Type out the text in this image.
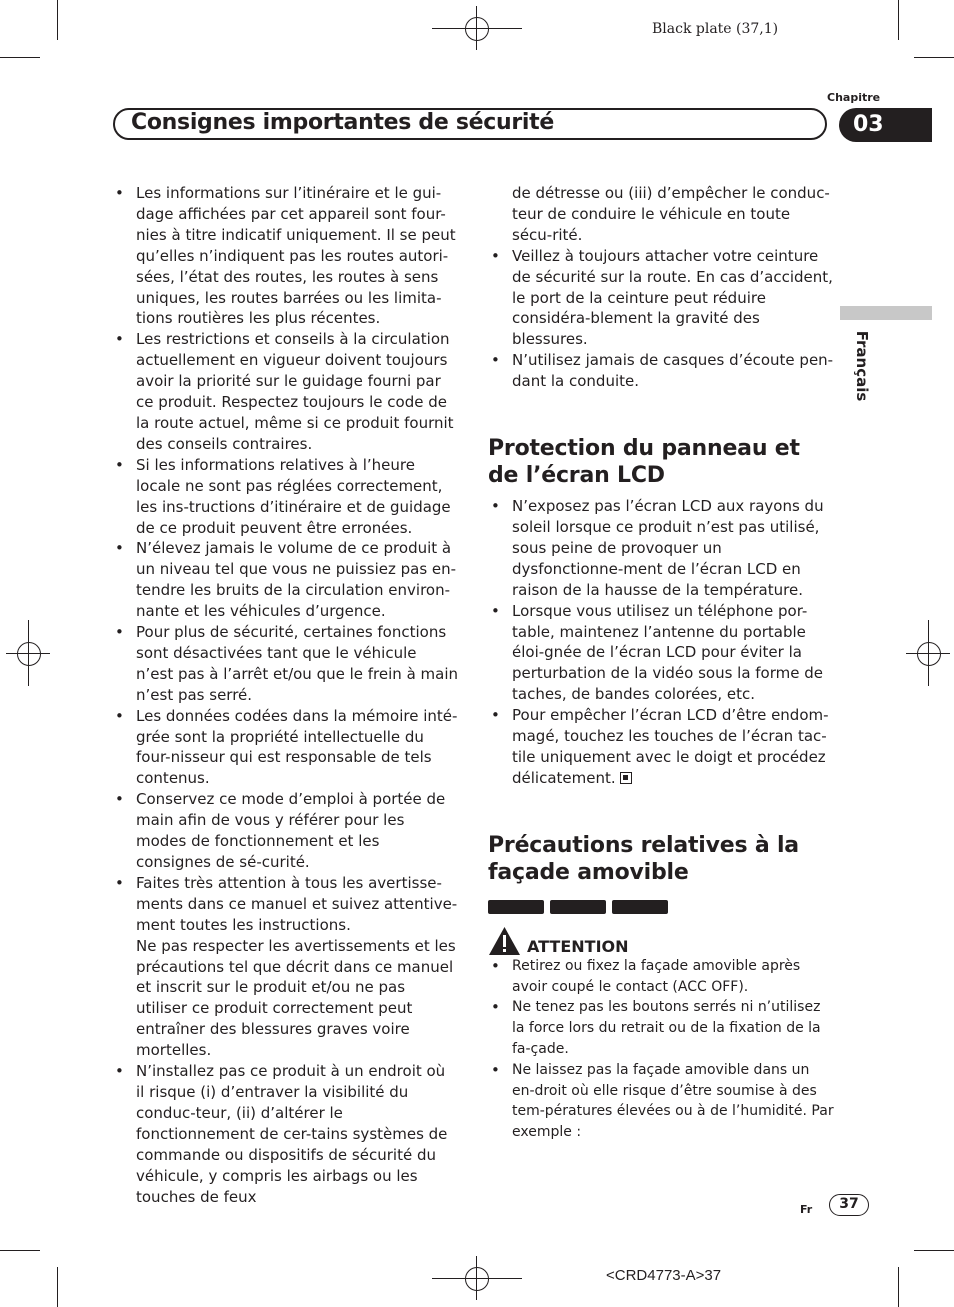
Black plate (37,1)
Consignes importantes de sécurité
Chapitre
03
Français
• Les informations sur l’itinéraire et le gui-dage affichées par cet appareil sont four-nies à titre indicatif uniquement. Il se peut qu’elles n’indiquent pas les routes autori-sées, l’état des routes, les routes à sens uniques, les routes barrées ou les limita-tions routières les plus récentes.
• Les restrictions et conseils à la circulation actuellement en vigueur doivent toujours avoir la priorité sur le guidage fourni par ce produit. Respectez toujours le code de la route actuel, même si ce produit fournit des conseils contraires.
• Si les informations relatives à l’heure locale ne sont pas réglées correctement, les ins-tructions d’itinéraire et de guidage de ce produit peuvent être erronées.
• N’élevez jamais le volume de ce produit à un niveau tel que vous ne puissiez pas en-tendre les bruits de la circulation environ-nante et les véhicules d’urgence.
• Pour plus de sécurité, certaines fonctions sont désactivées tant que le véhicule n’est pas à l’arrêt et/ou que le frein à main n’est pas serré.
• Les données codées dans la mémoire inté-grée sont la propriété intellectuelle du four-nisseur qui est responsable de tels contenus.
• Conservez ce mode d’emploi à portée de main afin de vous y référer pour les modes de fonctionnement et les consignes de sé-curité.
• Faites très attention à tous les avertisse-ments dans ce manuel et suivez attentive-ment toutes les instructions.
Ne pas respecter les avertissements et les précautions tel que décrit dans ce manuel et inscrit sur le produit et/ou ne pas utiliser ce produit correctement peut entraîner des blessures graves voire mortelles.
• N’installez pas ce produit à un endroit où il risque (i) d’entraver la visibilité du conduc-teur, (ii) d’altérer le fonctionnement de cer-tains systèmes de commande ou dispositifs de sécurité du véhicule, y compris les airbags ou les touches de feux
de détresse ou (iii) d’empêcher le conduc-teur de conduire le véhicule en toute sécu-rité.
• Veillez à toujours attacher votre ceinture de sécurité sur la route. En cas d’accident, le port de la ceinture peut réduire considéra-blement la gravité des blessures.
• N’utilisez jamais de casques d’écoute pen-dant la conduite.
Protection du panneau et de l’écran LCD
• N’exposez pas l’écran LCD aux rayons du soleil lorsque ce produit n’est pas utilisé, sous peine de provoquer un dysfonctionne-ment de l’écran LCD en raison de la hausse de la température.
• Lorsque vous utilisez un téléphone por-table, maintenez l’antenne du portable éloi-gnée de l’écran LCD pour éviter la perturbation de la vidéo sous la forme de taches, de bandes colorées, etc.
• Pour empêcher l’écran LCD d’être endom-magé, touchez les touches de l’écran tac-tile uniquement avec le doigt et procédez délicatement.
Précautions relatives à la façade amovible
ATTENTION
• Retirez ou fixez la façade amovible après avoir coupé le contact (ACC OFF).
• Ne tenez pas les boutons serrés ni n’utilisez la force lors du retrait ou de la fixation de la fa-çade.
• Ne laissez pas la façade amovible dans un en-droit où elle risque d’être soumise à des tem-pératures élevées ou à de l’humidité. Par exemple :
Fr	37
<CRD4773-A>37
